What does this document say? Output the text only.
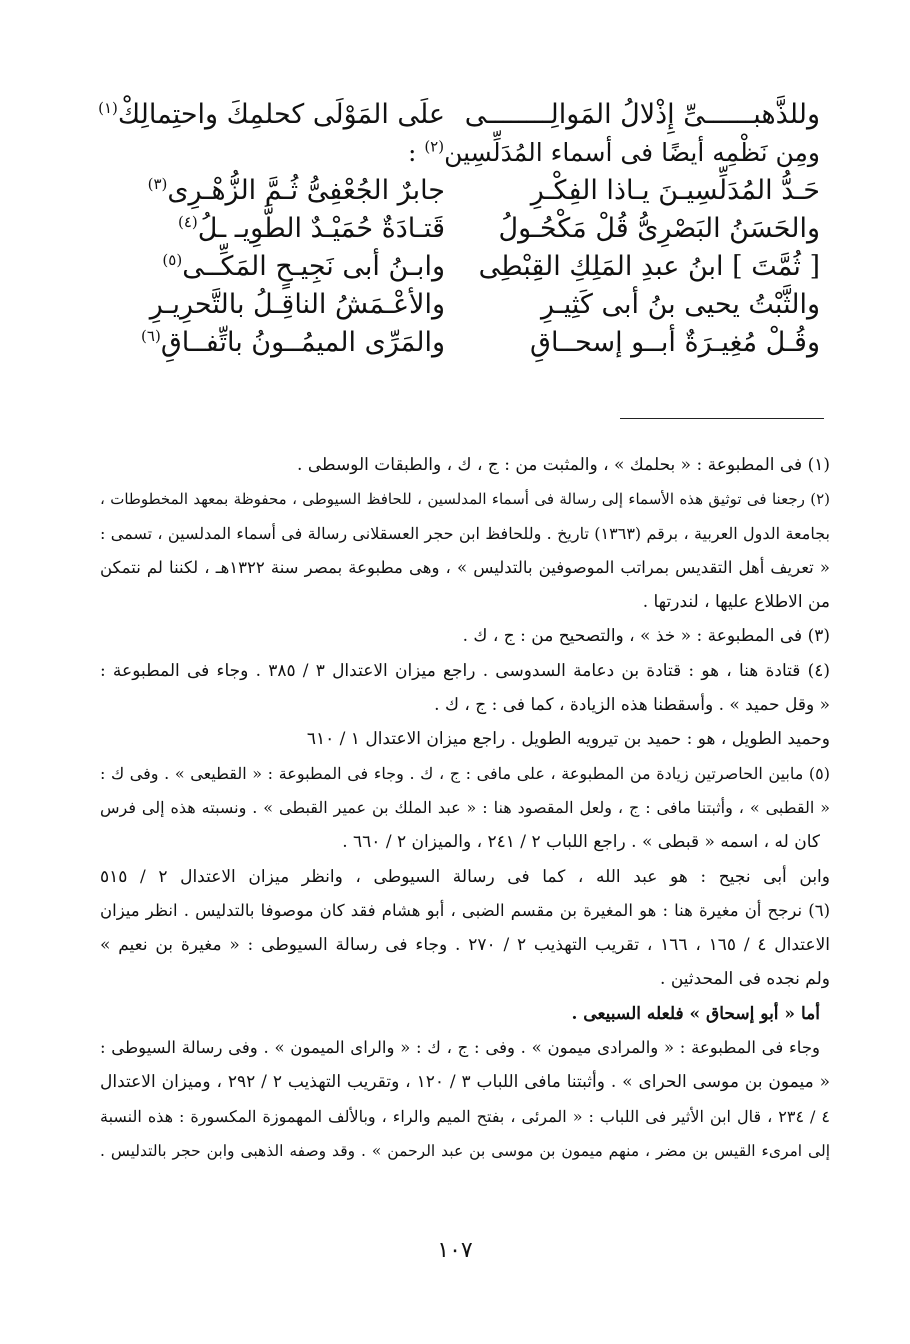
وللذَّهبــــــىِّ إِذْلالُ المَوالِــــــــى
علَى المَوْلَى كحلمِكَ واحتِمالِكْ$^{(١)}$
ومِن نَظْمِه أيضًا فى أسماء المُدَلِّسِين$^{(٢)}$ :
حَـدُّ المُدَلِّسِيـنَ يـاذا الفِكْـرِ
جابرٌ الجُعْفِىُّ ثُـمَّ الزُّهْـرِى$^{(٣)}$
والحَسَنُ البَصْرِىُّ قُلْ مَكْحُـولُ
قَتـادَةٌ حُمَيْـدٌ الطَّوِيـ ـلُ$^{(٤)}$
[ ثُمَّتَ ] ابنُ عبدِ المَلِكِ القِبْطِى
وابـنُ أبى نَجِيـحٍ المَكِّــى$^{(٥)}$
والثَّبْتُ يحيى بنُ أبى كَثِيـرِ
والأعْـمَشُ الناقِـلُ بالتَّحرِيـرِ
وقُـلْ مُغِيـرَةٌ أبــو إسحــاقِ
والمَرِّى الميمُــونُ باتِّفــاقِ$^{(٦)}$
(١) فى المطبوعة : « بحلمك » ، والمثبت من : ج ، ك ، والطبقات الوسطى .
(٢) رجعنا فى توثيق هذه الأسماء إلى رسالة فى أسماء المدلسين ، للحافظ السيوطى ، محفوظة بمعهد المخطوطات ،
بجامعة الدول العربية ، برقم (١٣٦٣) تاريخ . وللحافظ ابن حجر العسقلانى رسالة فى أسماء المدلسين ، تسمى :
« تعريف أهل التقديس بمراتب الموصوفين بالتدليس » ، وهى مطبوعة بمصر سنة ١٣٢٢هـ ، لكننا لم نتمكن
من الاطلاع عليها ، لندرتها .
(٣) فى المطبوعة : « خذ » ، والتصحيح من : ج ، ك .
(٤) قتادة هنا ، هو : قتادة بن دعامة السدوسى . راجع ميزان الاعتدال ٣ / ٣٨٥ . وجاء فى المطبوعة :
« وقل حميد » . وأسقطنا هذه الزيادة ، كما فى : ج ، ك .
وحميد الطويل ، هو : حميد بن تيرويه الطويل . راجع ميزان الاعتدال ١ / ٦١٠
(٥) مابين الحاصرتين زيادة من المطبوعة ، على مافى : ج ، ك . وجاء فى المطبوعة : « القطيعى » . وفى ك :
« القطبى » ، وأثبتنا مافى : ج ، ولعل المقصود هنا : « عبد الملك بن عمير القبطى » . ونسبته هذه إلى فرس
كان له ، اسمه « قبطى » . راجع اللباب ٢ / ٢٤١ ، والميزان ٢ / ٦٦٠ .
وابن أبى نجيح : هو عبد الله ، كما فى رسالة السيوطى ، وانظر ميزان الاعتدال ٢ / ٥١٥
(٦) نرجح أن مغيرة هنا : هو المغيرة بن مقسم الضبى ، أبو هشام فقد كان موصوفا بالتدليس . انظر ميزان
الاعتدال ٤ / ١٦٥ ، ١٦٦ ، تقريب التهذيب ٢ / ٢٧٠ . وجاء فى رسالة السيوطى : « مغيرة بن نعيم »
ولم نجده فى المحدثين .
أما « أبو إسحاق » فلعله السبيعى .
وجاء فى المطبوعة : « والمرادى ميمون » . وفى : ج ، ك : « والراى الميمون » . وفى رسالة السيوطى :
« ميمون بن موسى الحراى » . وأثبتنا مافى اللباب ٣ / ١٢٠ ، وتقريب التهذيب ٢ / ٢٩٢ ، وميزان الاعتدال
٤ / ٢٣٤ ، قال ابن الأثير فى اللباب : « المرئى ، بفتح الميم والراء ، وبالألف المهموزة المكسورة : هذه النسبة
إلى امرىء القيس بن مضر ، منهم ميمون بن موسى بن عبد الرحمن » . وقد وصفه الذهبى وابن حجر بالتدليس .
١٠٧
